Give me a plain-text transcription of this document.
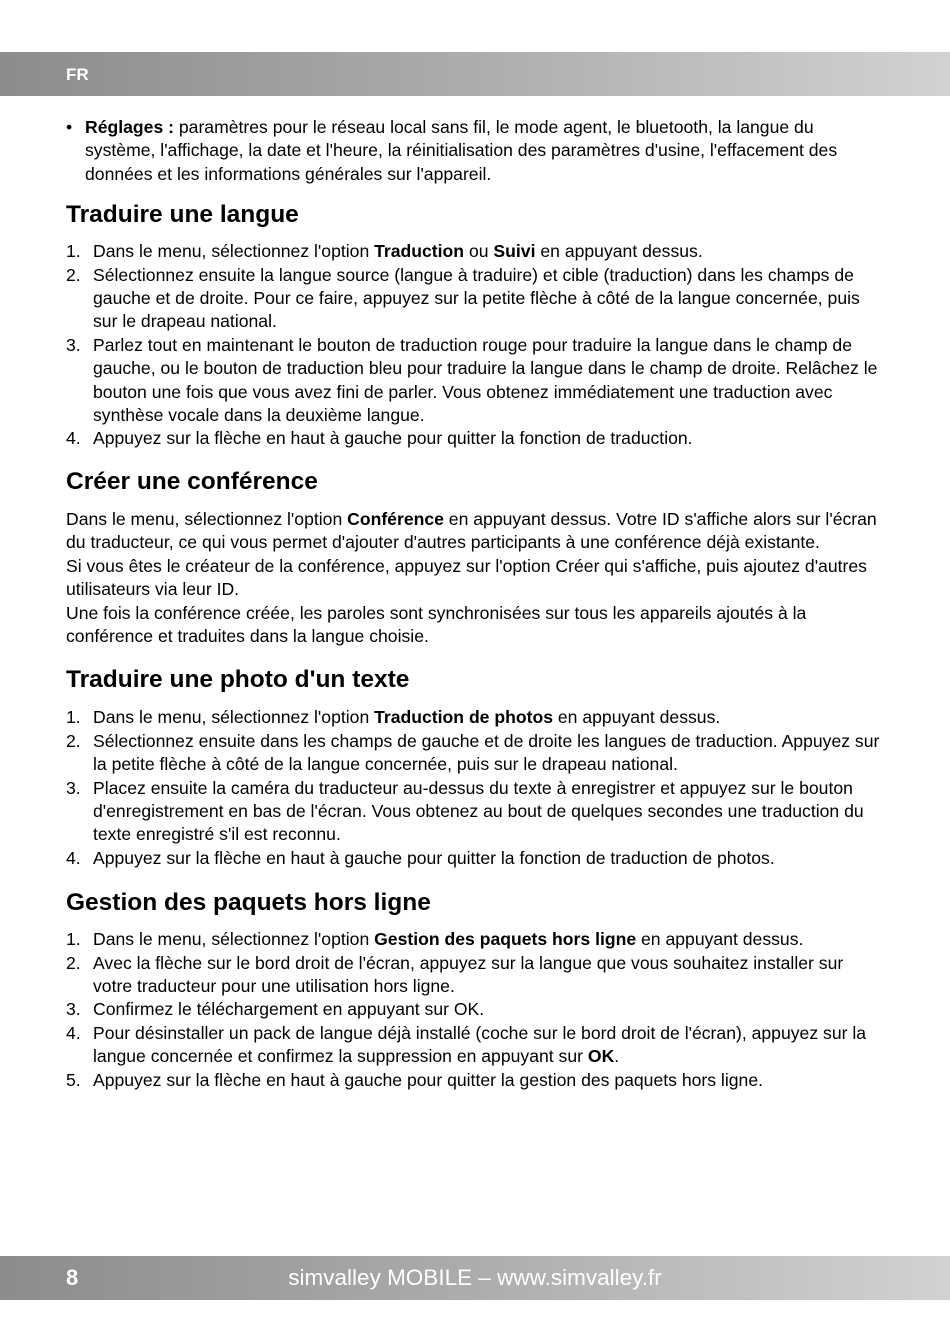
FR
• Réglages : paramètres pour le réseau local sans fil, le mode agent, le bluetooth, la langue du système, l'affichage, la date et l'heure, la réinitialisation des paramètres d'usine, l'effacement des données et les informations générales sur l'appareil.
Traduire une langue
1. Dans le menu, sélectionnez l'option Traduction ou Suivi en appuyant dessus.
2. Sélectionnez ensuite la langue source (langue à traduire) et cible (traduction) dans les champs de gauche et de droite. Pour ce faire, appuyez sur la petite flèche à côté de la langue concernée, puis sur le drapeau national.
3. Parlez tout en maintenant le bouton de traduction rouge pour traduire la langue dans le champ de gauche, ou le bouton de traduction bleu pour traduire la langue dans le champ de droite. Relâchez le bouton une fois que vous avez fini de parler. Vous obtenez immédiatement une traduction avec synthèse vocale dans la deuxième langue.
4. Appuyez sur la flèche en haut à gauche pour quitter la fonction de traduction.
Créer une conférence

Dans le menu, sélectionnez l'option Conférence en appuyant dessus. Votre ID s'affiche alors sur l'écran du traducteur, ce qui vous permet d'ajouter d'autres participants à une conférence déjà existante.

Si vous êtes le créateur de la conférence, appuyez sur l'option Créer qui s'affiche, puis ajoutez d'autres utilisateurs via leur ID.

Une fois la conférence créée, les paroles sont synchronisées sur tous les appareils ajoutés à la conférence et traduites dans la langue choisie.

Traduire une photo d'un texte
1. Dans le menu, sélectionnez l'option Traduction de photos en appuyant dessus.
2. Sélectionnez ensuite dans les champs de gauche et de droite les langues de traduction. Appuyez sur la petite flèche à côté de la langue concernée, puis sur le drapeau national.
3. Placez ensuite la caméra du traducteur au-dessus du texte à enregistrer et appuyez sur le bouton d'enregistrement en bas de l'écran. Vous obtenez au bout de quelques secondes une traduction du texte enregistré s'il est reconnu.
4. Appuyez sur la flèche en haut à gauche pour quitter la fonction de traduction de photos.
Gestion des paquets hors ligne
1. Dans le menu, sélectionnez l'option Gestion des paquets hors ligne en appuyant dessus.
2. Avec la flèche sur le bord droit de l'écran, appuyez sur la langue que vous souhaitez installer sur votre traducteur pour une utilisation hors ligne.
3. Confirmez le téléchargement en appuyant sur OK.
4. Pour désinstaller un pack de langue déjà installé (coche sur le bord droit de l'écran), appuyez sur la langue concernée et confirmez la suppression en appuyant sur OK.
5. Appuyez sur la flèche en haut à gauche pour quitter la gestion des paquets hors ligne.
8	simvalley MOBILE – www.simvalley.fr
